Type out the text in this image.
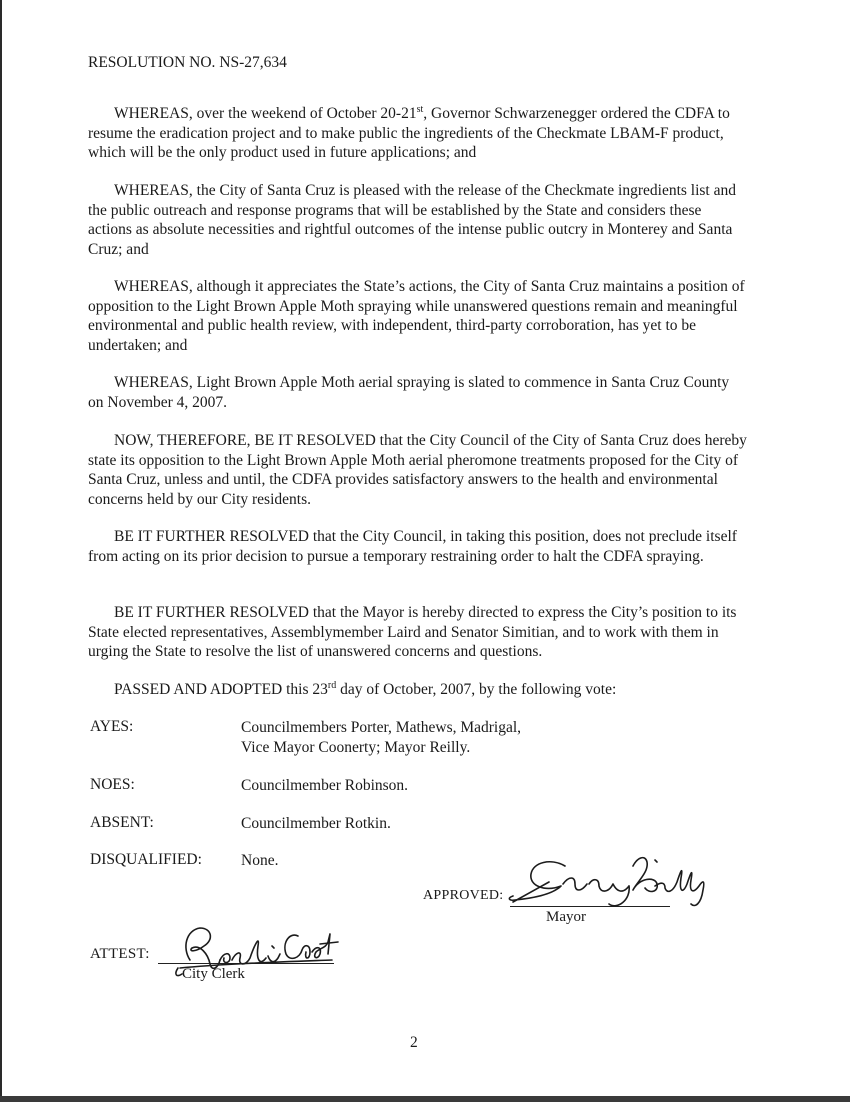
RESOLUTION NO. NS-27,634

WHEREAS, over the weekend of October 20-21st, Governor Schwarzenegger ordered the CDFA to resume the eradication project and to make public the ingredients of the Checkmate LBAM-F product, which will be the only product used in future applications; and

WHEREAS, the City of Santa Cruz is pleased with the release of the Checkmate ingredients list and the public outreach and response programs that will be established by the State and considers these actions as absolute necessities and rightful outcomes of the intense public outcry in Monterey and Santa Cruz; and

WHEREAS, although it appreciates the State’s actions, the City of Santa Cruz maintains a position of opposition to the Light Brown Apple Moth spraying while unanswered questions remain and meaningful environmental and public health review, with independent, third-party corroboration, has yet to be undertaken; and

WHEREAS, Light Brown Apple Moth aerial spraying is slated to commence in Santa Cruz County on November 4, 2007.

NOW, THEREFORE, BE IT RESOLVED that the City Council of the City of Santa Cruz does hereby state its opposition to the Light Brown Apple Moth aerial pheromone treatments proposed for the City of Santa Cruz, unless and until, the CDFA provides satisfactory answers to the health and environmental concerns held by our City residents.

BE IT FURTHER RESOLVED that the City Council, in taking this position, does not preclude itself from acting on its prior decision to pursue a temporary restraining order to halt the CDFA spraying.

BE IT FURTHER RESOLVED that the Mayor is hereby directed to express the City’s position to its State elected representatives, Assemblymember Laird and Senator Simitian, and to work with them in urging the State to resolve the list of unanswered concerns and questions.

PASSED AND ADOPTED this 23rd day of October, 2007, by the following vote:

AYES:	Councilmembers Porter, Mathews, Madrigal,
Vice Mayor Coonerty; Mayor Reilly.
NOES:	Councilmember Robinson.
ABSENT:	Councilmember Rotkin.
DISQUALIFIED:	None.
APPROVED:
Mayor
ATTEST:
City Clerk
2
